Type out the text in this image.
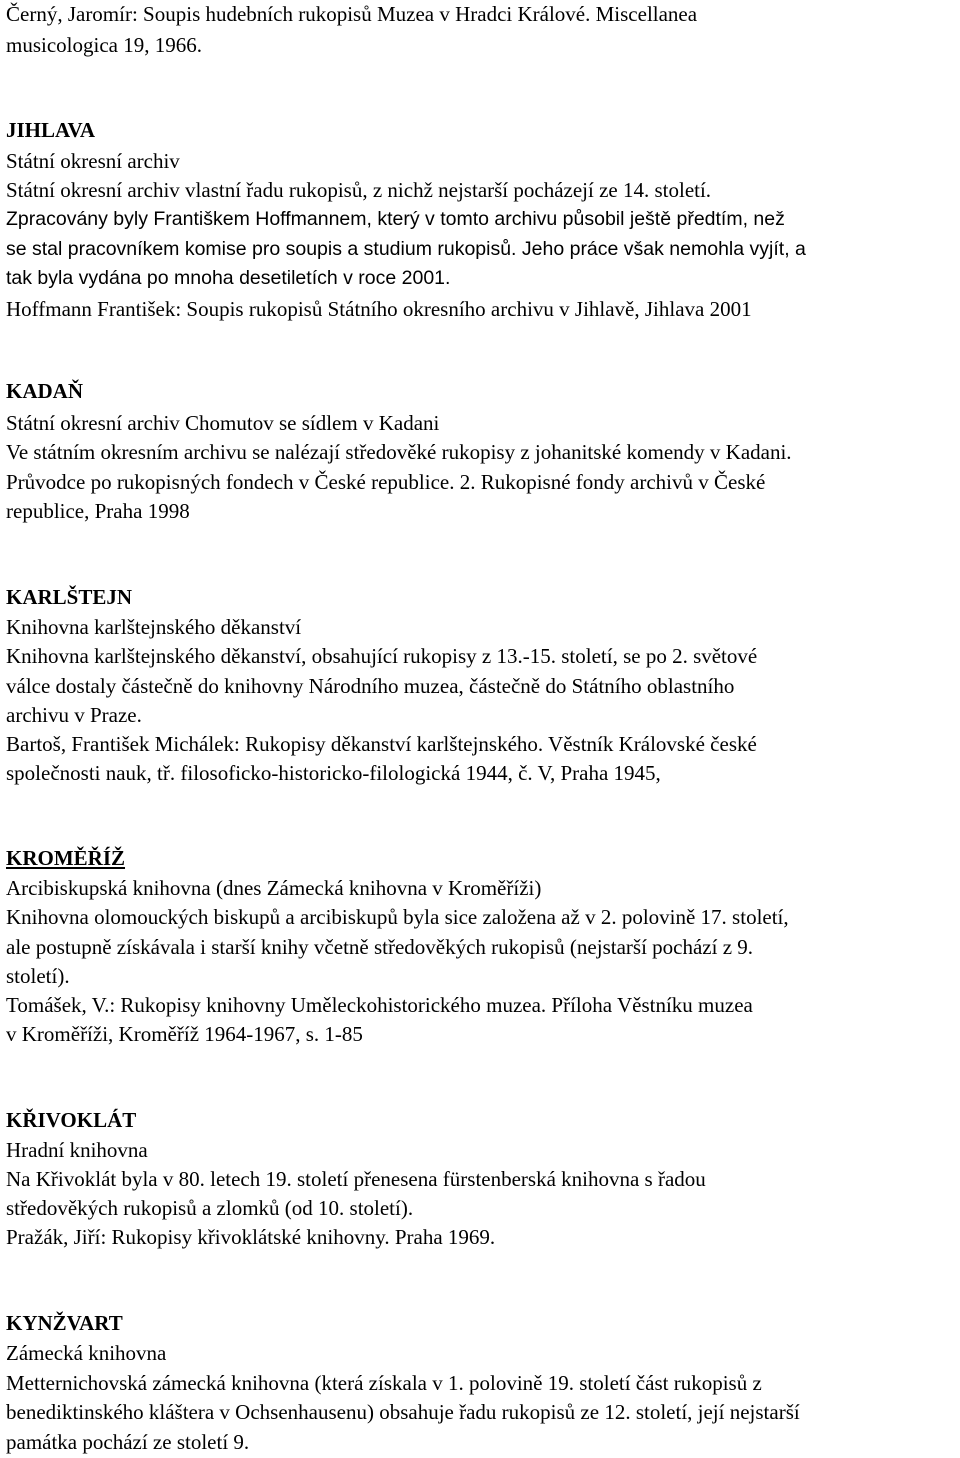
Černý, Jaromír: Soupis hudebních rukopisů Muzea v Hradci Králové. Miscellanea
musicologica 19, 1966.
JIHLAVA
Státní okresní archiv
Státní okresní archiv vlastní řadu rukopisů, z nichž nejstarší pocházejí ze 14. století.
Zpracovány byly Františkem Hoffmannem, který v tomto archivu působil ještě předtím, než
se stal pracovníkem komise pro soupis a studium rukopisů. Jeho práce však nemohla vyjít, a
tak byla vydána po mnoha desetiletích v roce 2001.
Hoffmann František: Soupis rukopisů Státního okresního archivu v Jihlavě, Jihlava 2001
KADAŇ
Státní okresní archiv Chomutov se sídlem v Kadani
Ve státním okresním archivu se nalézají středověké rukopisy z johanitské komendy v Kadani.
Průvodce po rukopisných fondech v České republice. 2. Rukopisné fondy archivů v České
republice, Praha 1998
KARLŠTEJN
Knihovna karlštejnského děkanství
Knihovna karlštejnského děkanství, obsahující rukopisy z 13.-15. století, se po 2. světové
válce dostaly částečně do knihovny Národního muzea, částečně do Státního oblastního
archivu v Praze.
Bartoš, František Michálek: Rukopisy děkanství karlštejnského. Věstník Královské české
společnosti nauk, tř. filosoficko-historicko-filologická 1944, č. V, Praha 1945,
KROMĚŘÍŽ
Arcibiskupská knihovna (dnes Zámecká knihovna v Kroměříži)
Knihovna olomouckých biskupů a arcibiskupů byla sice založena až v 2. polovině 17. století,
ale postupně získávala i starší knihy včetně středověkých rukopisů (nejstarší pochází z 9.
století).
Tomášek, V.: Rukopisy knihovny Uměleckohistorického muzea. Příloha Věstníku muzea
v Kroměříži, Kroměříž 1964-1967, s. 1-85
KŘIVOKLÁT
Hradní knihovna
Na Křivoklát byla v 80. letech 19. století přenesena fürstenberská knihovna s řadou
středověkých rukopisů a zlomků (od 10. století).
Pražák, Jiří: Rukopisy křivoklátské knihovny. Praha 1969.
KYNŽVART
Zámecká knihovna
Metternichovská zámecká knihovna (která získala v 1. polovině 19. století část rukopisů z
benediktinského kláštera v Ochsenhausenu) obsahuje řadu rukopisů ze 12. století, její nejstarší
památka pochází ze století 9.
